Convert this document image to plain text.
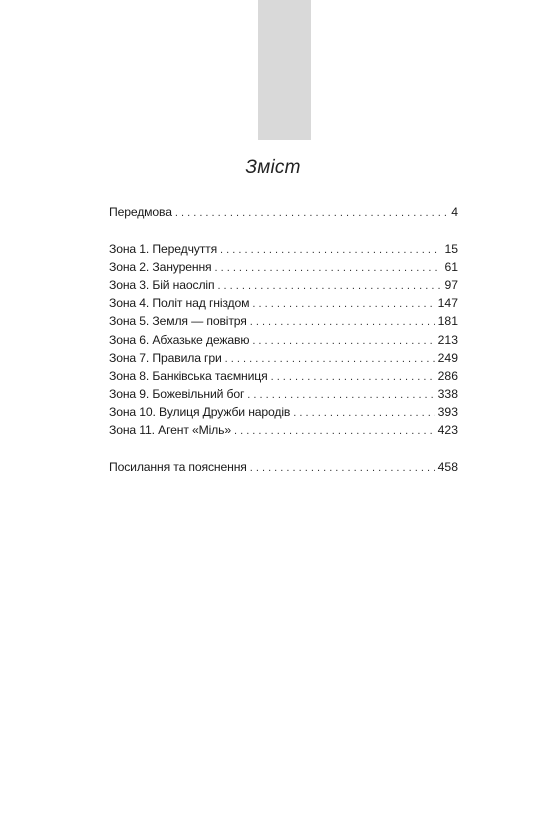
Зміст
Передмова . . .	4
Зона 1. Передчуття . . .	15
Зона 2. Занурення . . .	61
Зона 3. Бій наосліп . . .	97
Зона 4. Політ над гніздом . . .	147
Зона 5. Земля — повітря . . .	181
Зона 6. Абхазьке дежавю . . .	213
Зона 7. Правила гри . . .	249
Зона 8. Банківська таємниця . . .	286
Зона 9. Божевільний бог . . .	338
Зона 10. Вулиця Дружби народів . . .	393
Зона 11. Агент «Міль» . . .	423
Посилання та пояснення . . .	458
